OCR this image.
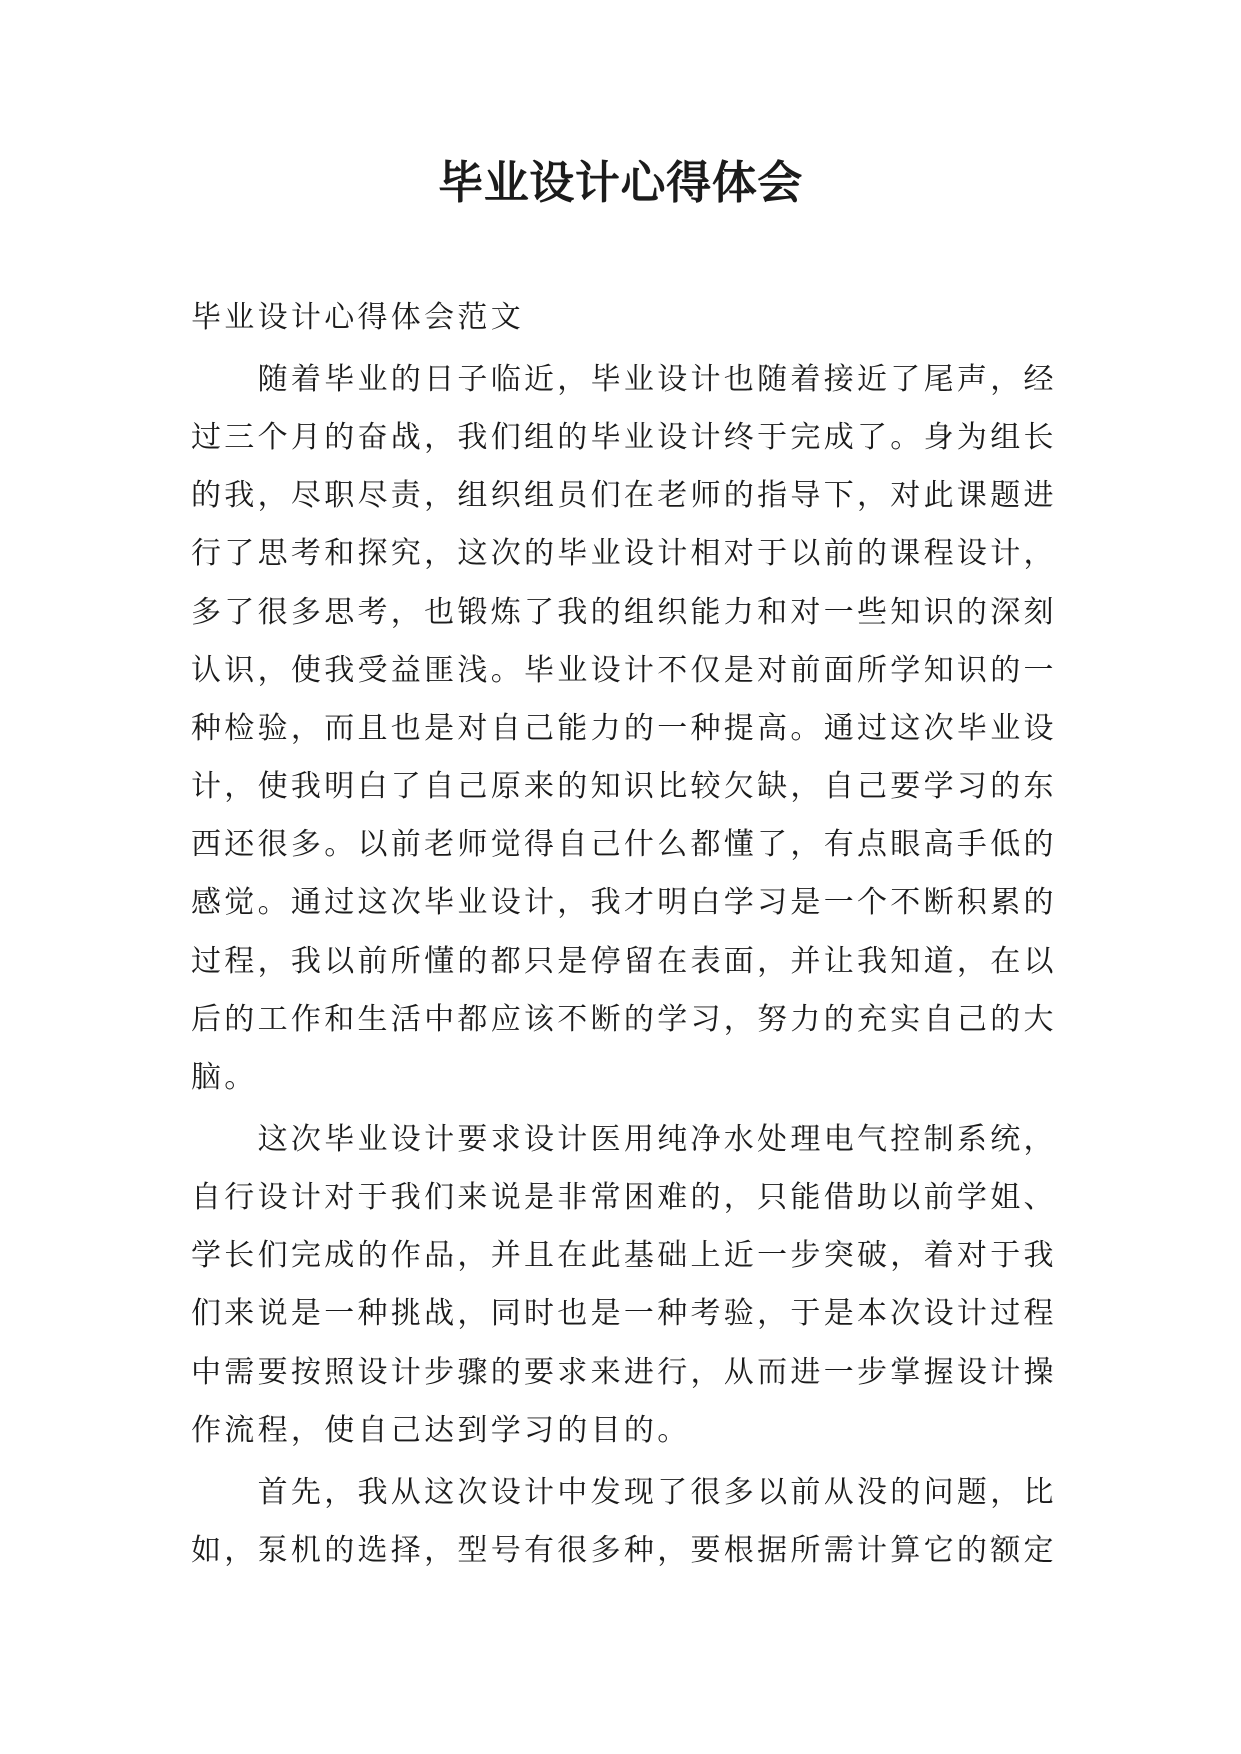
毕业设计心得体会
毕业设计心得体会范文
随着毕业的日子临近，毕业设计也随着接近了尾声，经
过三个月的奋战，我们组的毕业设计终于完成了。身为组长
的我，尽职尽责，组织组员们在老师的指导下，对此课题进
行了思考和探究，这次的毕业设计相对于以前的课程设计，
多了很多思考，也锻炼了我的组织能力和对一些知识的深刻
认识，使我受益匪浅。毕业设计不仅是对前面所学知识的一
种检验，而且也是对自己能力的一种提高。通过这次毕业设
计，使我明白了自己原来的知识比较欠缺，自己要学习的东
西还很多。以前老师觉得自己什么都懂了，有点眼高手低的
感觉。通过这次毕业设计，我才明白学习是一个不断积累的
过程，我以前所懂的都只是停留在表面，并让我知道，在以
后的工作和生活中都应该不断的学习，努力的充实自己的大
脑。
这次毕业设计要求设计医用纯净水处理电气控制系统，
自行设计对于我们来说是非常困难的，只能借助以前学姐、
学长们完成的作品，并且在此基础上近一步突破，着对于我
们来说是一种挑战，同时也是一种考验，于是本次设计过程
中需要按照设计步骤的要求来进行，从而进一步掌握设计操
作流程，使自己达到学习的目的。
首先，我从这次设计中发现了很多以前从没的问题，比
如，泵机的选择，型号有很多种，要根据所需计算它的额定
